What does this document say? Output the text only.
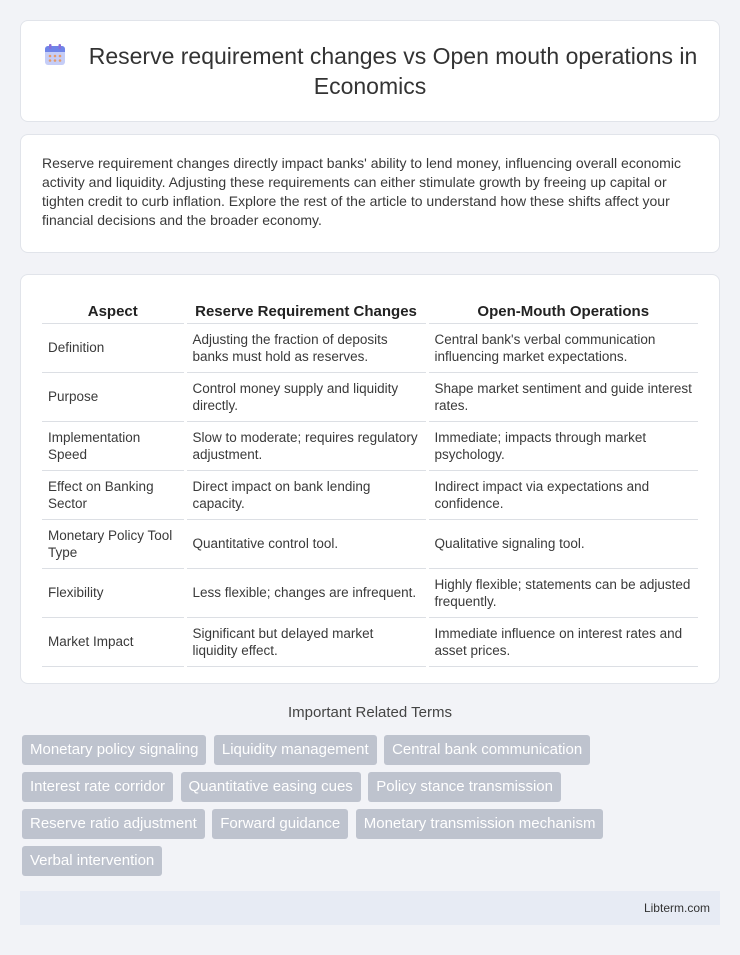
Reserve requirement changes vs Open mouth operations in Economics

Reserve requirement changes directly impact banks' ability to lend money, influencing overall economic activity and liquidity. Adjusting these requirements can either stimulate growth by freeing up capital or tighten credit to curb inflation. Explore the rest of the article to understand how these shifts affect your financial decisions and the broader economy.

Aspect	Reserve Requirement Changes	Open-Mouth Operations
Definition	Adjusting the fraction of deposits banks must hold as reserves.	Central bank's verbal communication influencing market expectations.
Purpose	Control money supply and liquidity directly.	Shape market sentiment and guide interest rates.
Implementation Speed	Slow to moderate; requires regulatory adjustment.	Immediate; impacts through market psychology.
Effect on Banking Sector	Direct impact on bank lending capacity.	Indirect impact via expectations and confidence.
Monetary Policy Tool Type	Quantitative control tool.	Qualitative signaling tool.
Flexibility	Less flexible; changes are infrequent.	Highly flexible; statements can be adjusted frequently.
Market Impact	Significant but delayed market liquidity effect.	Immediate influence on interest rates and asset prices.
Important Related Terms
Monetary policy signaling Liquidity management Central bank communication
Interest rate corridor Quantitative easing cues Policy stance transmission
Reserve ratio adjustment Forward guidance Monetary transmission mechanism
Verbal intervention
Libterm.com
